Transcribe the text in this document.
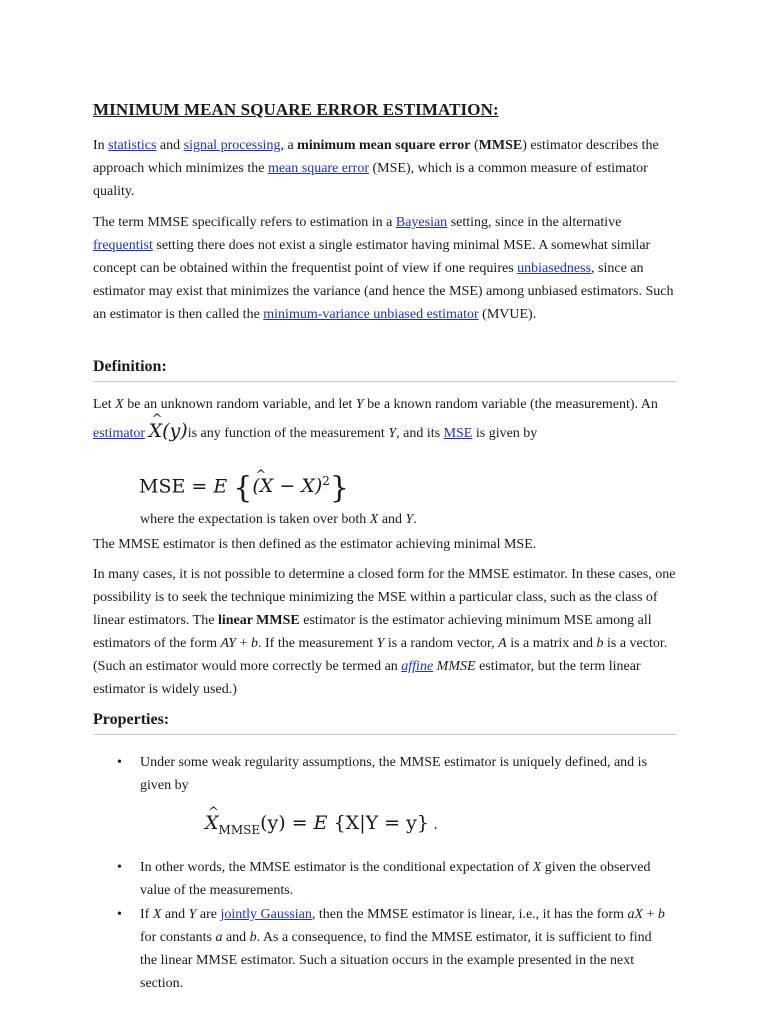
MINIMUM MEAN SQUARE ERROR ESTIMATION:

In statistics and signal processing, a minimum mean square error (MMSE) estimator describes the approach which minimizes the mean square error (MSE), which is a common measure of estimator quality.

The term MMSE specifically refers to estimation in a Bayesian setting, since in the alternative frequentist setting there does not exist a single estimator having minimal MSE. A somewhat similar concept can be obtained within the frequentist point of view if one requires unbiasedness, since an estimator may exist that minimizes the variance (and hence the MSE) among unbiased estimators. Such an estimator is then called the minimum-variance unbiased estimator (MVUE).

Definition:

Let X be an unknown random variable, and let Y be a known random variable (the measurement). An estimator ^ X(y)is any function of the measurement Y, and its MSE is given by

MSE = E {^ $(X - X)^2$}

where the expectation is taken over both X and Y.

The MMSE estimator is then defined as the estimator achieving minimal MSE.

In many cases, it is not possible to determine a closed form for the MMSE estimator. In these cases, one possibility is to seek the technique minimizing the MSE within a particular class, such as the class of linear estimators. The linear MMSE estimator is the estimator achieving minimum MSE among all estimators of the form AY + b. If the measurement Y is a random vector, A is a matrix and b is a vector. (Such an estimator would more correctly be termed an affine MMSE estimator, but the term linear estimator is widely used.)

Properties:
• Under some weak regularity assumptions, the MMSE estimator is uniquely defined, and is given by

^ $X_{MMSE}(y) = E$ {X|Y = y} .
• In other words, the MMSE estimator is the conditional expectation of X given the observed value of the measurements.

• If X and Y are jointly Gaussian, then the MMSE estimator is linear, i.e., it has the form aX + b for constants a and b. As a consequence, to find the MMSE estimator, it is sufficient to find the linear MMSE estimator. Such a situation occurs in the example presented in the next section.
